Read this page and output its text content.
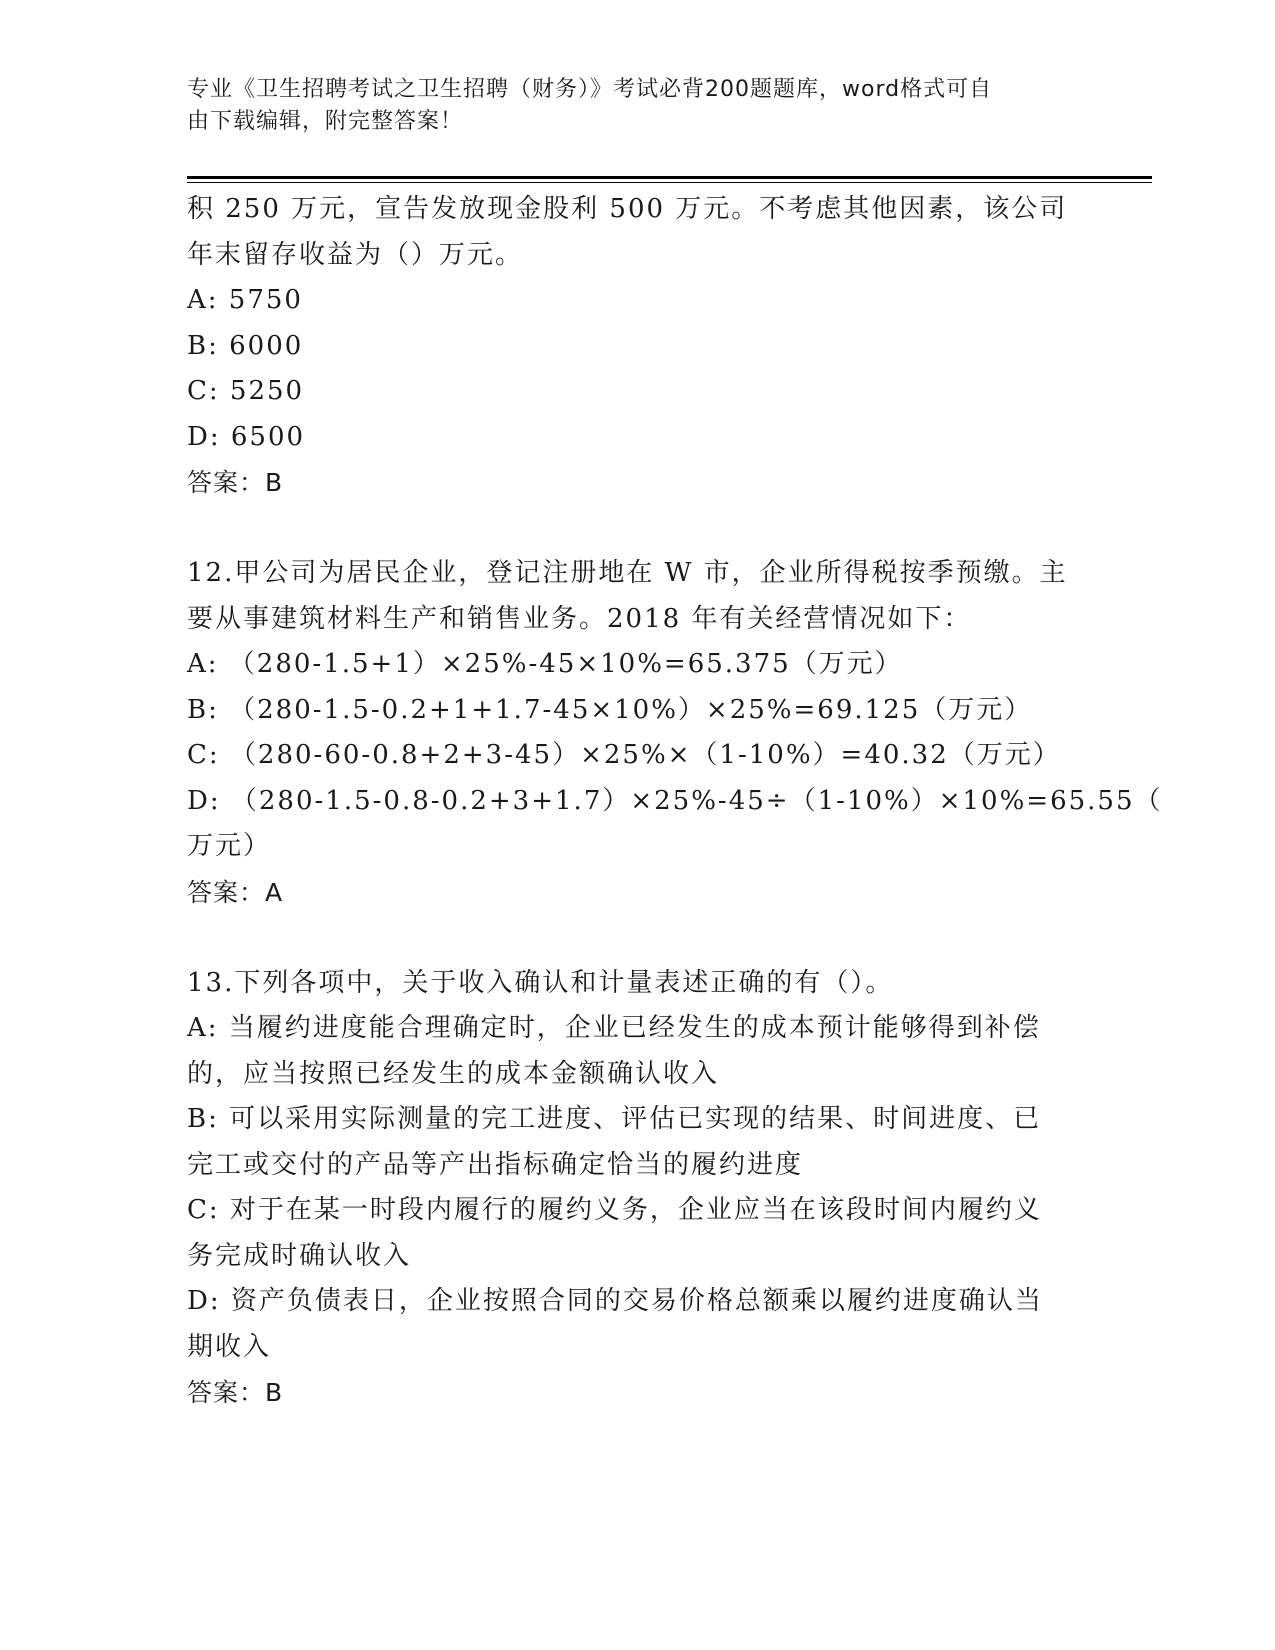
专业《卫生招聘考试之卫生招聘（财务）》考试必背200题题库，word格式可自
由下载编辑，附完整答案！
积 250 万元，宣告发放现金股利 500 万元。不考虑其他因素，该公司
年末留存收益为（）万元。
A: 5750
B: 6000
C: 5250
D: 6500
答案：B
12.甲公司为居民企业，登记注册地在 W 市，企业所得税按季预缴。主
要从事建筑材料生产和销售业务。2018 年有关经营情况如下：
A: （280-1.5+1）×25%-45×10%=65.375（万元）
B: （280-1.5-0.2+1+1.7-45×10%）×25%=69.125（万元）
C: （280-60-0.8+2+3-45）×25%×（1-10%）=40.32（万元）
D: （280-1.5-0.8-0.2+3+1.7）×25%-45÷（1-10%）×10%=65.55（
万元）
答案：A
13.下列各项中，关于收入确认和计量表述正确的有（）。
A: 当履约进度能合理确定时，企业已经发生的成本预计能够得到补偿
的，应当按照已经发生的成本金额确认收入
B: 可以采用实际测量的完工进度、评估已实现的结果、时间进度、已
完工或交付的产品等产出指标确定恰当的履约进度
C: 对于在某一时段内履行的履约义务，企业应当在该段时间内履约义
务完成时确认收入
D: 资产负债表日，企业按照合同的交易价格总额乘以履约进度确认当
期收入
答案：B
